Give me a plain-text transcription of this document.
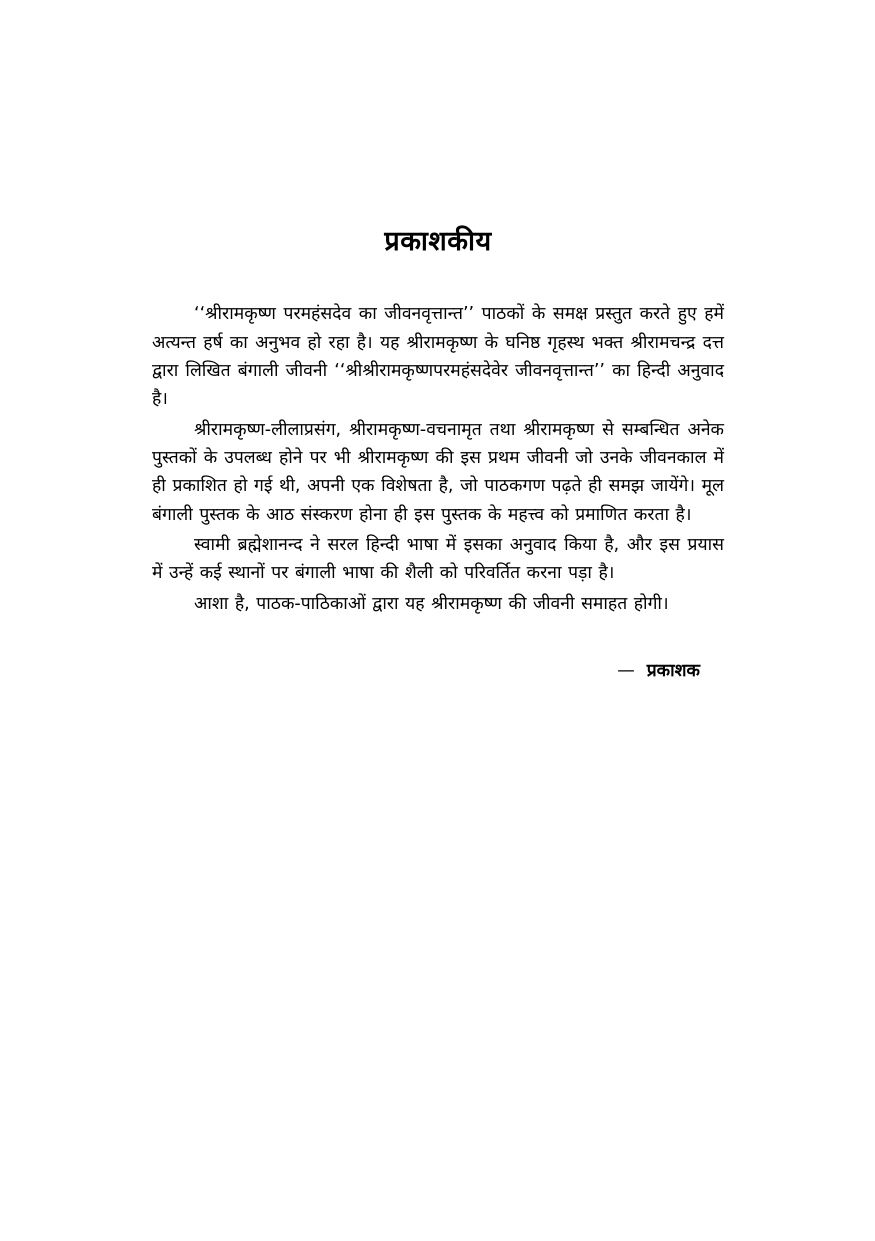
प्रकाशकीय

‘‘श्रीरामकृष्ण परमहंसदेव का जीवनवृत्तान्त’’ पाठकों के समक्ष प्रस्तुत करते हुए हमें अत्यन्त हर्ष का अनुभव हो रहा है। यह श्रीरामकृष्ण के घनिष्ठ गृहस्थ भक्त श्रीरामचन्द्र दत्त द्वारा लिखित बंगाली जीवनी ‘‘श्रीश्रीरामकृष्णपरमहंसदेवेर जीवनवृत्तान्त’’ का हिन्दी अनुवाद है।

श्रीरामकृष्ण-लीलाप्रसंग, श्रीरामकृष्ण-वचनामृत तथा श्रीरामकृष्ण से सम्बन्धित अनेक पुस्तकों के उपलब्ध होने पर भी श्रीरामकृष्ण की इस प्रथम जीवनी जो उनके जीवनकाल में ही प्रकाशित हो गई थी, अपनी एक विशेषता है, जो पाठकगण पढ़ते ही समझ जायेंगे। मूल बंगाली पुस्तक के आठ संस्करण होना ही इस पुस्तक के महत्त्व को प्रमाणित करता है।

स्वामी ब्रह्मेशानन्द ने सरल हिन्दी भाषा में इसका अनुवाद किया है, और इस प्रयास में उन्हें कई स्थानों पर बंगाली भाषा की शैली को परिवर्तित करना पड़ा है।

आशा है, पाठक-पाठिकाओं द्वारा यह श्रीरामकृष्ण की जीवनी समाहत होगी।

— प्रकाशक
